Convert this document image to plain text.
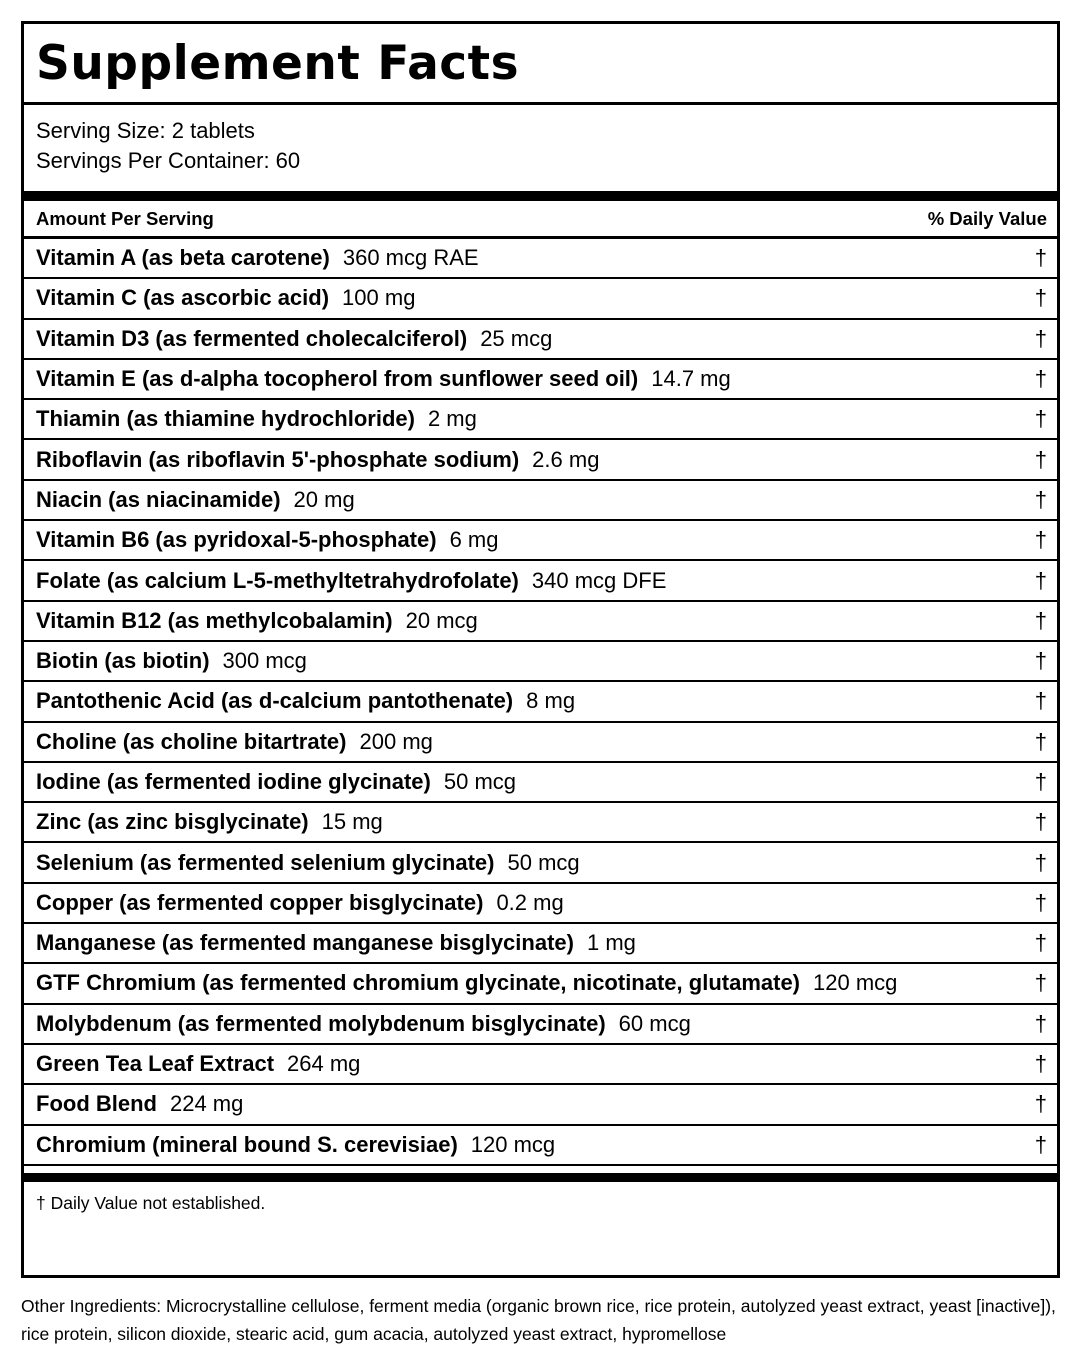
Supplement Facts
Serving Size: 2 tablets
Servings Per Container: 60
Amount Per Serving	% Daily Value
Vitamin A (as beta carotene) 360 mcg RAE	†
Vitamin C (as ascorbic acid) 100 mg	†
Vitamin D3 (as fermented cholecalciferol) 25 mcg	†
Vitamin E (as d-alpha tocopherol from sunflower seed oil) 14.7 mg	†
Thiamin (as thiamine hydrochloride) 2 mg	†
Riboflavin (as riboflavin 5'-phosphate sodium) 2.6 mg	†
Niacin (as niacinamide) 20 mg	†
Vitamin B6 (as pyridoxal-5-phosphate) 6 mg	†
Folate (as calcium L-5-methyltetrahydrofolate) 340 mcg DFE	†
Vitamin B12 (as methylcobalamin) 20 mcg	†
Biotin (as biotin) 300 mcg	†
Pantothenic Acid (as d-calcium pantothenate) 8 mg	†
Choline (as choline bitartrate) 200 mg	†
Iodine (as fermented iodine glycinate) 50 mcg	†
Zinc (as zinc bisglycinate) 15 mg	†
Selenium (as fermented selenium glycinate) 50 mcg	†
Copper (as fermented copper bisglycinate) 0.2 mg	†
Manganese (as fermented manganese bisglycinate) 1 mg	†
GTF Chromium (as fermented chromium glycinate, nicotinate, glutamate) 120 mcg	†
Molybdenum (as fermented molybdenum bisglycinate) 60 mcg	†
Green Tea Leaf Extract 264 mg	†
Food Blend 224 mg	†
Chromium (mineral bound S. cerevisiae) 120 mcg	†
† Daily Value not established.
Other Ingredients: Microcrystalline cellulose, ferment media (organic brown rice, rice protein, autolyzed yeast extract, yeast [inactive]), rice protein, silicon dioxide, stearic acid, gum acacia, autolyzed yeast extract, hypromellose
